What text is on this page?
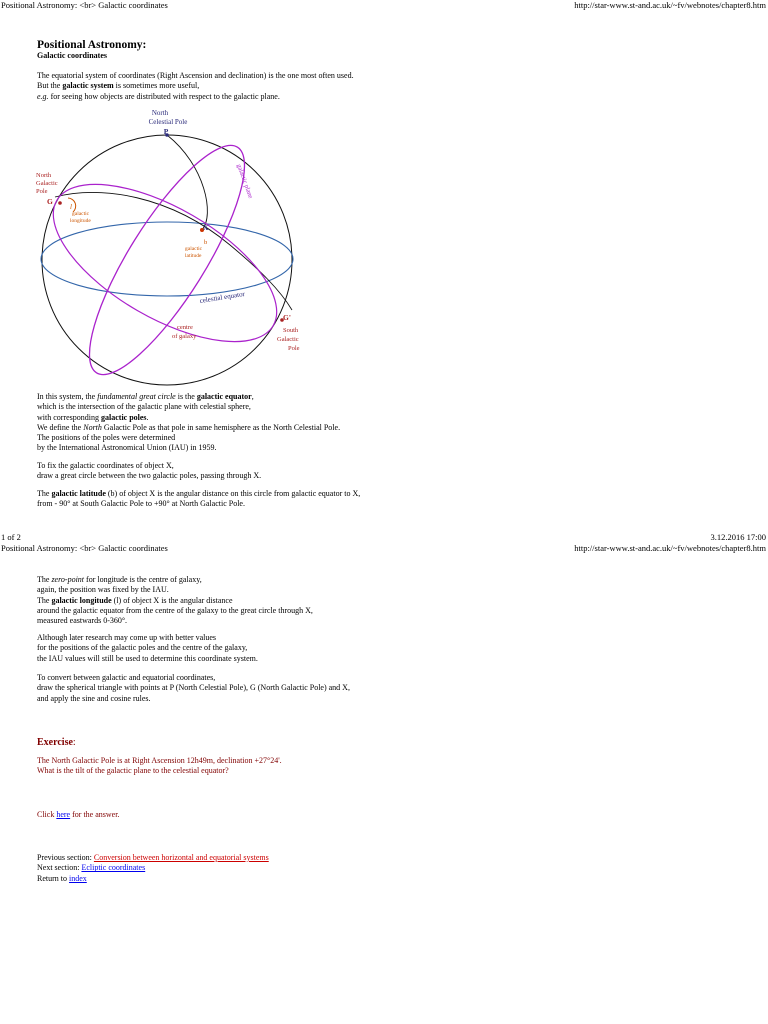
Positional Astronomy: <br> Galactic coordinates	http://star-www.st-and.ac.uk/~fv/webnotes/chapter8.htm
Positional Astronomy:
Galactic coordinates
The equatorial system of coordinates (Right Ascension and declination) is the one most often used.
But the galactic system is sometimes more useful,
e.g. for seeing how objects are distributed with respect to the galactic plane.
North
Celestial Pole
P
North
Galactic
Pole
G
l
galactic
longitude
X
b
galactic
latitude
galactic plane
celestial equator
centre
of galaxy
G'
South
Galactic
Pole
In this system, the fundamental great circle is the galactic equator,
which is the intersection of the galactic plane with celestial sphere,
with corresponding galactic poles.
We define the North Galactic Pole as that pole in same hemisphere as the North Celestial Pole.
The positions of the poles were determined
by the International Astronomical Union (IAU) in 1959.
To fix the galactic coordinates of object X,
draw a great circle between the two galactic poles, passing through X.
The galactic latitude (b) of object X is the angular distance on this circle from galactic equator to X,
from - 90° at South Galactic Pole to +90° at North Galactic Pole.
1 of 2	3.12.2016 17:00
Positional Astronomy: <br> Galactic coordinates	http://star-www.st-and.ac.uk/~fv/webnotes/chapter8.htm
The zero-point for longitude is the centre of galaxy,
again, the position was fixed by the IAU.
The galactic longitude (l) of object X is the angular distance
around the galactic equator from the centre of the galaxy to the great circle through X,
measured eastwards 0-360°.
Although later research may come up with better values
for the positions of the galactic poles and the centre of the galaxy,
the IAU values will still be used to determine this coordinate system.
To convert between galactic and equatorial coordinates,
draw the spherical triangle with points at P (North Celestial Pole), G (North Galactic Pole) and X,
and apply the sine and cosine rules.
Exercise:
The North Galactic Pole is at Right Ascension 12h49m, declination +27°24'.
What is the tilt of the galactic plane to the celestial equator?
Click here for the answer.
Previous section: Conversion between horizontal and equatorial systems
Next section: Ecliptic coordinates
Return to index
